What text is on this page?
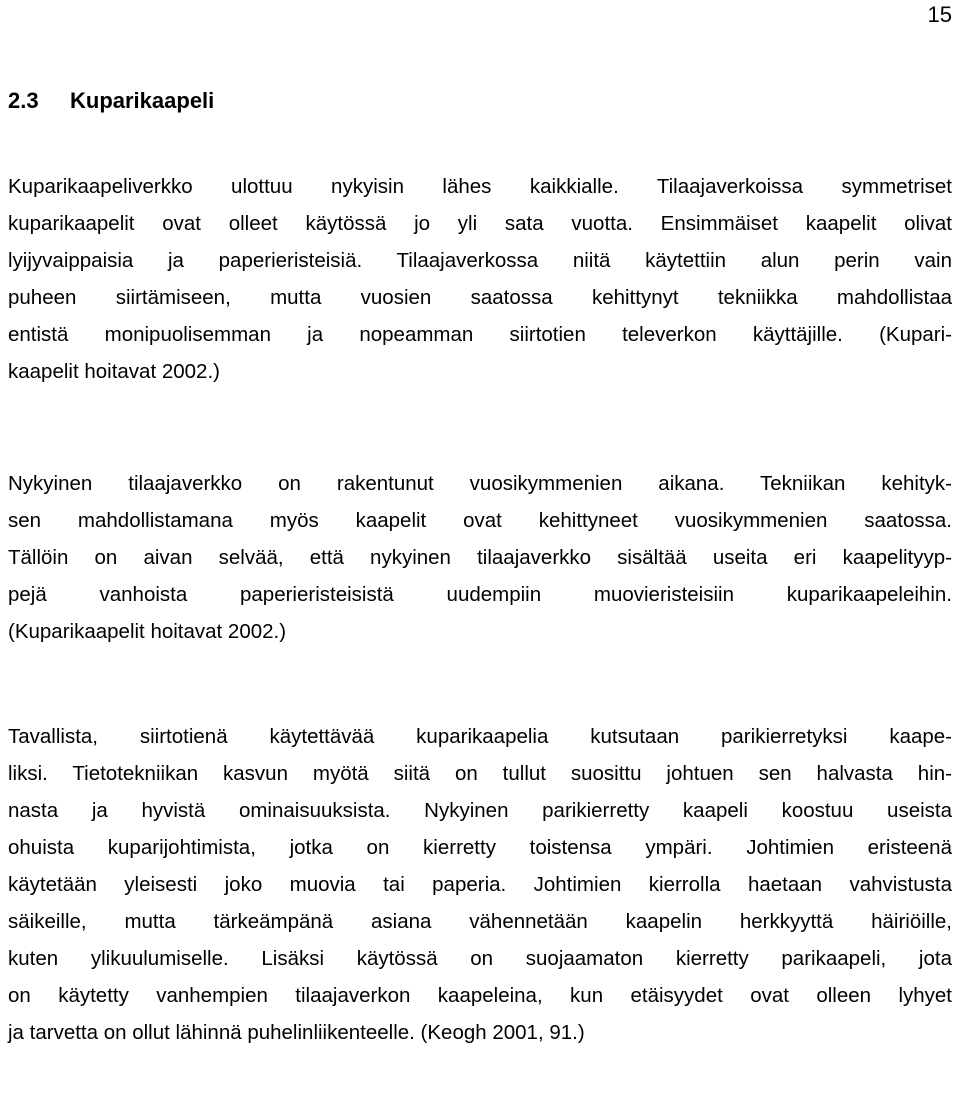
15
2.3 Kuparikaapeli
Kuparikaapeliverkko ulottuu nykyisin lähes kaikkialle. Tilaajaverkoissa symmetriset
kuparikaapelit ovat olleet käytössä jo yli sata vuotta. Ensimmäiset kaapelit olivat
lyijyvaippaisia ja paperieristeisiä. Tilaajaverkossa niitä käytettiin alun perin vain
puheen siirtämiseen, mutta vuosien saatossa kehittynyt tekniikka mahdollistaa
entistä monipuolisemman ja nopeamman siirtotien televerkon käyttäjille. (Kupari-
kaapelit hoitavat 2002.)
Nykyinen tilaajaverkko on rakentunut vuosikymmenien aikana. Tekniikan kehityk-
sen mahdollistamana myös kaapelit ovat kehittyneet vuosikymmenien saatossa.
Tällöin on aivan selvää, että nykyinen tilaajaverkko sisältää useita eri kaapelityyp-
pejä vanhoista paperieristeisistä uudempiin muovieristeisiin kuparikaapeleihin.
(Kuparikaapelit hoitavat 2002.)
Tavallista, siirtotienä käytettävää kuparikaapelia kutsutaan parikierretyksi kaape-
liksi. Tietotekniikan kasvun myötä siitä on tullut suosittu johtuen sen halvasta hin-
nasta ja hyvistä ominaisuuksista. Nykyinen parikierretty kaapeli koostuu useista
ohuista kuparijohtimista, jotka on kierretty toistensa ympäri. Johtimien eristeenä
käytetään yleisesti joko muovia tai paperia. Johtimien kierrolla haetaan vahvistusta
säikeille, mutta tärkeämpänä asiana vähennetään kaapelin herkkyyttä häiriöille,
kuten ylikuulumiselle. Lisäksi käytössä on suojaamaton kierretty parikaapeli, jota
on käytetty vanhempien tilaajaverkon kaapeleina, kun etäisyydet ovat olleen lyhyet
ja tarvetta on ollut lähinnä puhelinliikenteelle. (Keogh 2001, 91.)
